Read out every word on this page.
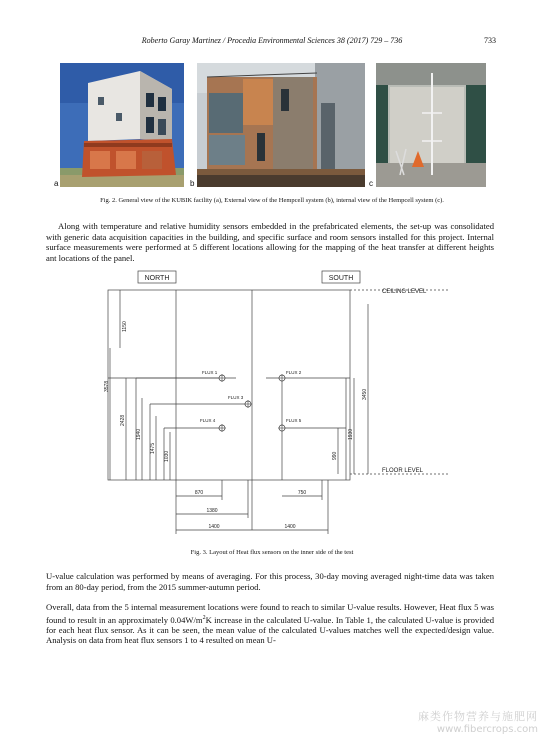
Roberto Garay Martinez / Procedia Environmental Sciences 38 (2017) 729 – 736	733
a	b	c
Fig. 2. General view of the KUBIK facility (a), External view of the Hempcell system (b), internal view of the Hempcell system (c).

Along with temperature and relative humidity sensors embedded in the prefabricated elements, the set-up was consolidated with generic data acquisition capacities in the building, and specific surface and room sensors installed for this project. Internal surface measurements were performed at 5 different locations allowing for the mapping of the heat transfer at different heights ant locations of the panel.

NORTH	SOUTH
CEILING LEVEL
FLOOR LEVEL
FLUX 1	FLUX 2
FLUX 3
FLUX 4	FLUX 5
1150
3578
2428
1940
1475
1030
3450
1930
990
870	750
1380
1400	1400
Fig. 3. Layout of Heat flux sensors on the inner side of the test

U-value calculation was performed by means of averaging. For this process, 30-day moving averaged night-time data was taken from an 80-day period, from the 2015 summer-autumn period.

Overall, data from the 5 internal measurement locations were found to reach to similar U-value results. However, Heat flux 5 was found to result in an approximately $0.04W/m^2K$ increase in the calculated U-value. In Table 1, the calculated U-value is provided for each heat flux sensor. As it can be seen, the mean value of the calculated U-values matches well the expected/design value. Analysis on data from heat flux sensors 1 to 4 resulted on mean U-

麻类作物营养与施肥网
www.fibercrops.com
